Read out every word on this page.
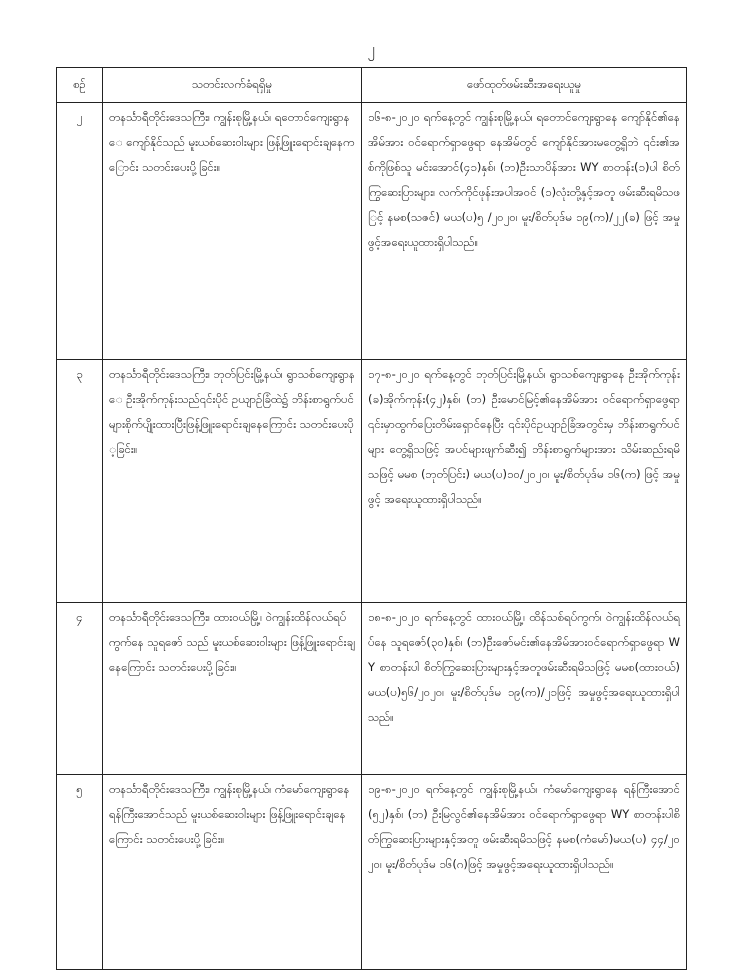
၂
စဉ်	သတင်းလက်ခံရရှိမှု	ဖော်ထုတ်ဖမ်းဆီးအရေးယူမှု
၂	တနင်္သာရီတိုင်းဒေသကြီး၊ ကျွန်းစုမြို့နယ်၊ ရတောင်ကျေးရွာနေ ကျော်နိုင်သည် မူးယစ်ဆေးဝါးများ ဖြန့်ဖြူးရောင်းချနေကြောင်း သတင်းပေးပို့ခြင်း။	၁၆-၈-၂၀၂၀ ရက်နေ့တွင် ကျွန်းစုမြို့နယ်၊ ရတောင်ကျေးရွာနေ ကျော်နိုင်၏နေအိမ်အား ဝင်ရောက်ရှာဖွေရာ နေအိမ်တွင် ကျော်နိုင်အားမတွေ့ရှိဘဲ ၎င်း၏အစ်ကိုဖြစ်သူ မင်းအောင်(၄၁)နှစ်၊ (ဘ)ဦးသာပိန်အား WY စာတန်း(၁)ပါ စိတ်ကြွဆေးပြားများ၊ လက်ကိုင်ဖုန်းအပါအဝင် (၁)လုံးတို့နှင့်အတူ ဖမ်းဆီးရမိသဖြင့် နမစ(သဇင်) မယ(ပ)၅ /၂၀၂၀၊ မူး/စိတ်ပုဒ်မ ၁၉(က)/၂၂(ခ) ဖြင့် အမှုဖွင့်အရေးယူထားရှိပါသည်။
၃	တနင်္သာရီတိုင်းဒေသကြီး၊ ဘုတ်ပြင်းမြို့နယ်၊ ရွာသစ်ကျေးရွာနေ ဦးအိုက်ကုန်းသည်၎င်းပိုင် ဥယျာဉ်ခြံထဲ၌ ဘိန်းစာရွက်ပင်များစိုက်ပျိုးထားပြီးဖြန့်ဖြူးရောင်းချနေကြောင်း သတင်းပေးပို့ခြင်း။	၁၇-၈-၂၀၂၀ ရက်နေ့တွင် ဘုတ်ပြင်းမြို့နယ်၊ ရွာသစ်ကျေးရွာနေ ဦးအိုက်ကုန်း(ခ)အိုက်ကုန်း(၄၂)နှစ်၊ (ဘ) ဦးမောင်မြင့်၏နေအိမ်အား ဝင်ရောက်ရှာဖွေရာ ၎င်းမှာထွက်ပြေးတိမ်းရှောင်နေပြီး ၎င်းပိုင်ဥယျာဉ်ခြံအတွင်းမှ ဘိန်းစာရွက်ပင်များ တွေ့ရှိသဖြင့် အပင်များဖျက်ဆီး၍ ဘိန်းစာရွက်များအား သိမ်းဆည်းရမိသဖြင့် မမစ (ဘုတ်ပြင်း) မယ(ပ)၁၀/၂၀၂၀၊ မူး/စိတ်ပုဒ်မ ၁၆(က) ဖြင့် အမှုဖွင့် အရေးယူထားရှိပါသည်။
၄	တနင်္သာရီတိုင်းဒေသကြီး၊ ထားဝယ်မြို့၊ ဝဲကျွန်းထိန်လယ်ရပ်ကွက်နေ သူရဇော် သည် မူးယစ်ဆေးဝါးများ ဖြန့်ဖြူးရောင်းချနေကြောင်း သတင်းပေးပို့ခြင်း။	၁၈-၈-၂၀၂၀ ရက်နေ့တွင် ထားဝယ်မြို့၊ ထိန်သစ်ရပ်ကွက်၊ ဝဲကျွန်းထိန်လယ်ရပ်နေ သူရဇော်(၃၀)နှစ်၊ (ဘ)ဦးဇော်မင်း၏နေအိမ်အားဝင်ရောက်ရှာဖွေရာ WY စာတန်းပါ စိတ်ကြွဆေးပြားများနှင့်အတူဖမ်းဆီးရမိသဖြင့် မမစ(ထားဝယ်) မယ(ပ)၅၆/၂၀၂၀၊ မူး/စိတ်ပုဒ်မ ၁၉(က)/၂၁ဖြင့် အမှုဖွင့်အရေးယူထားရှိပါသည်။
၅	တနင်္သာရီတိုင်းဒေသကြီး၊ ကျွန်းစုမြို့နယ်၊ ကံမော်ကျေးရွာနေ ရန်ကြီးအောင်သည် မူးယစ်ဆေးဝါးများ ဖြန့်ဖြူးရောင်းချနေကြောင်း သတင်းပေးပို့ခြင်း။	၁၉-၈-၂၀၂၀ ရက်နေ့တွင် ကျွန်းစုမြို့နယ်၊ ကံမော်ကျေးရွာနေ ရန်ကြီးအောင်(၅၂)နှစ်၊ (ဘ) ဦးမြလွင်၏နေအိမ်အား ဝင်ရောက်ရှာဖွေရာ WY စာတန်းပါစိတ်ကြွဆေးပြားများနှင့်အတူ ဖမ်းဆီးရမိသဖြင့် နမစ(ကံမော်)မယ(ပ) ၄၄/၂၀၂၀၊ မူး/စိတ်ပုဒ်မ ၁၆(ဂ)ဖြင့် အမှုဖွင့်အရေးယူထားရှိပါသည်။
